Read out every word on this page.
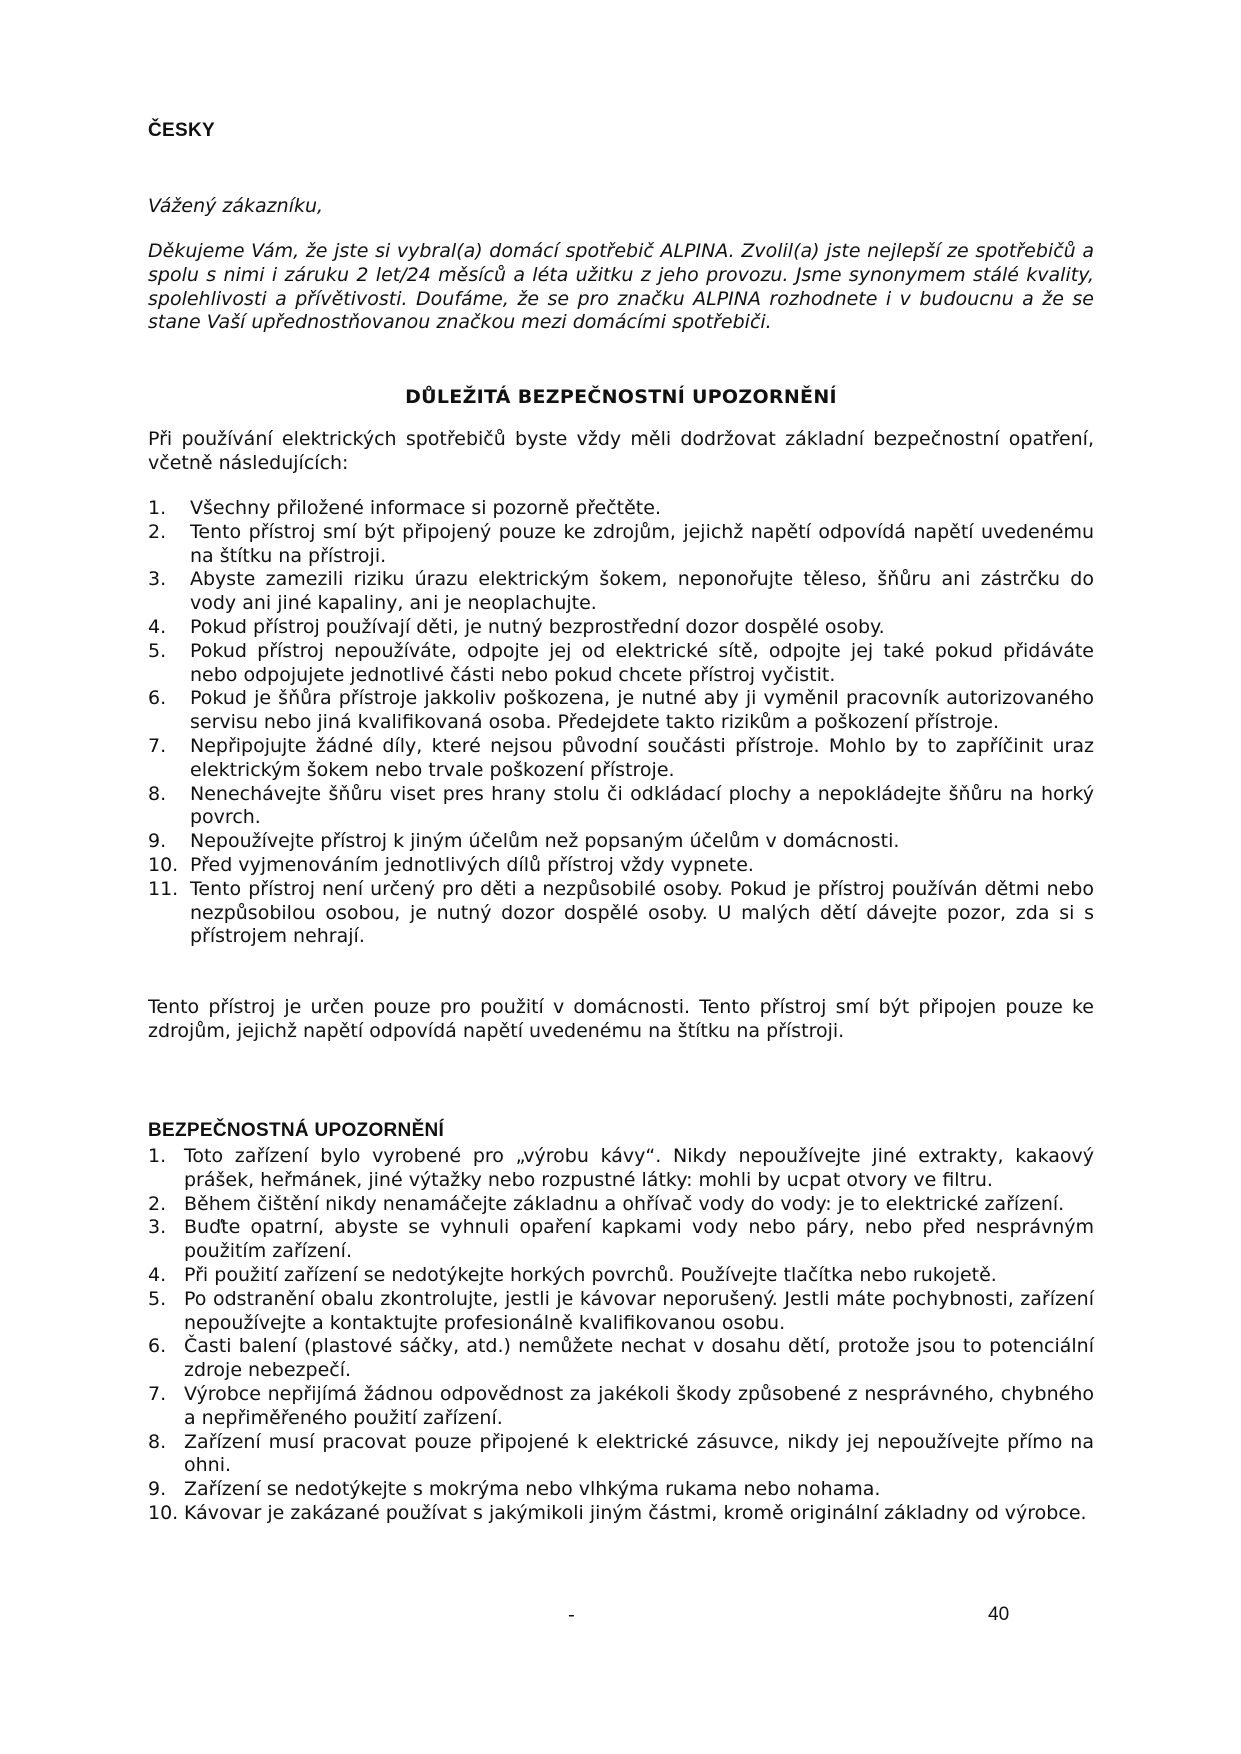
ČESKY

Vážený zákazníku,

Děkujeme Vám, že jste si vybral(a) domácí spotřebič ALPINA. Zvolil(a) jste nejlepší ze spotřebičů a spolu s nimi i záruku 2 let/24 měsíců a léta užitku z jeho provozu. Jsme synonymem stálé kvality, spolehlivosti a přívětivosti. Doufáme, že se pro značku ALPINA rozhodnete i v budoucnu a že se stane Vaší upřednostňovanou značkou mezi domácími spotřebiči.

DŮLEŽITÁ BEZPEČNOSTNÍ UPOZORNĚNÍ

Při používání elektrických spotřebičů byste vždy měli dodržovat základní bezpečnostní opatření, včetně následujících:

1. Všechny přiložené informace si pozorně přečtěte.
2. Tento přístroj smí být připojený pouze ke zdrojům, jejichž napětí odpovídá napětí uvedenému na štítku na přístroji.
3. Abyste zamezili riziku úrazu elektrickým šokem, neponořujte těleso, šňůru ani zástrčku do vody ani jiné kapaliny, ani je neoplachujte.
4. Pokud přístroj používají děti, je nutný bezprostřední dozor dospělé osoby.
5. Pokud přístroj nepoužíváte, odpojte jej od elektrické sítě, odpojte jej také pokud přidáváte nebo odpojujete jednotlivé části nebo pokud chcete přístroj vyčistit.
6. Pokud je šňůra přístroje jakkoliv poškozena, je nutné aby ji vyměnil pracovník autorizovaného servisu nebo jiná kvalifikovaná osoba. Předejdete takto rizikům a poškození přístroje.
7. Nepřipojujte žádné díly, které nejsou původní součásti přístroje. Mohlo by to zapříčinit uraz elektrickým šokem nebo trvale poškození přístroje.
8. Nenechávejte šňůru viset pres hrany stolu či odkládací plochy a nepokládejte šňůru na horký povrch.
9. Nepoužívejte přístroj k jiným účelům než popsaným účelům v domácnosti.
10. Před vyjmenováním jednotlivých dílů přístroj vždy vypnete.
11. Tento přístroj není určený pro děti a nezpůsobilé osoby. Pokud je přístroj používán dětmi nebo nezpůsobilou osobou, je nutný dozor dospělé osoby. U malých dětí dávejte pozor, zda si s přístrojem nehrají.

Tento přístroj je určen pouze pro použití v domácnosti. Tento přístroj smí být připojen pouze ke zdrojům, jejichž napětí odpovídá napětí uvedenému na štítku na přístroji.

BEZPEČNOSTNÁ UPOZORNĚNÍ
1. Toto zařízení bylo vyrobené pro „výrobu kávy“. Nikdy nepoužívejte jiné extrakty, kakaový prášek, heřmánek, jiné výtažky nebo rozpustné látky: mohli by ucpat otvory ve filtru.
2. Během čištění nikdy nenamáčejte základnu a ohřívač vody do vody: je to elektrické zařízení.
3. Buďte opatrní, abyste se vyhnuli opaření kapkami vody nebo páry, nebo před nesprávným použitím zařízení.
4. Při použití zařízení se nedotýkejte horkých povrchů. Používejte tlačítka nebo rukojetě.
5. Po odstranění obalu zkontrolujte, jestli je kávovar neporušený. Jestli máte pochybnosti, zařízení nepoužívejte a kontaktujte profesionálně kvalifikovanou osobu.
6. Časti balení (plastové sáčky, atd.) nemůžete nechat v dosahu dětí, protože jsou to potenciální zdroje nebezpečí.
7. Výrobce nepřijímá žádnou odpovědnost za jakékoli škody způsobené z nesprávného, chybného a nepřiměřeného použití zařízení.
8. Zařízení musí pracovat pouze připojené k elektrické zásuvce, nikdy jej nepoužívejte přímo na ohni.
9. Zařízení se nedotýkejte s mokrýma nebo vlhkýma rukama nebo nohama.
10. Kávovar je zakázané používat s jakýmikoli jiným částmi, kromě originální základny od výrobce.
-	40
